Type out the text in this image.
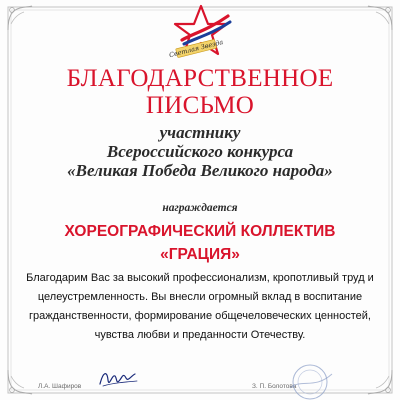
Светлая Звезда
БЛАГОДАРСТВЕННОЕ
ПИСЬМО
участнику
Всероссийского конкурса
«Великая Победа Великого народа»
награждается
ХОРЕОГРАФИЧЕСКИЙ КОЛЛЕКТИВ
«ГРАЦИЯ»
Благодарим Вас за высокий профессионализм, кропотливый труд и
целеустремленность. Вы внесли огромный вклад в воспитание
гражданственности, формирование общечеловеческих ценностей,
чувства любви и преданности Отечеству.
Л.А. Шафиров	З. П. Болотова
